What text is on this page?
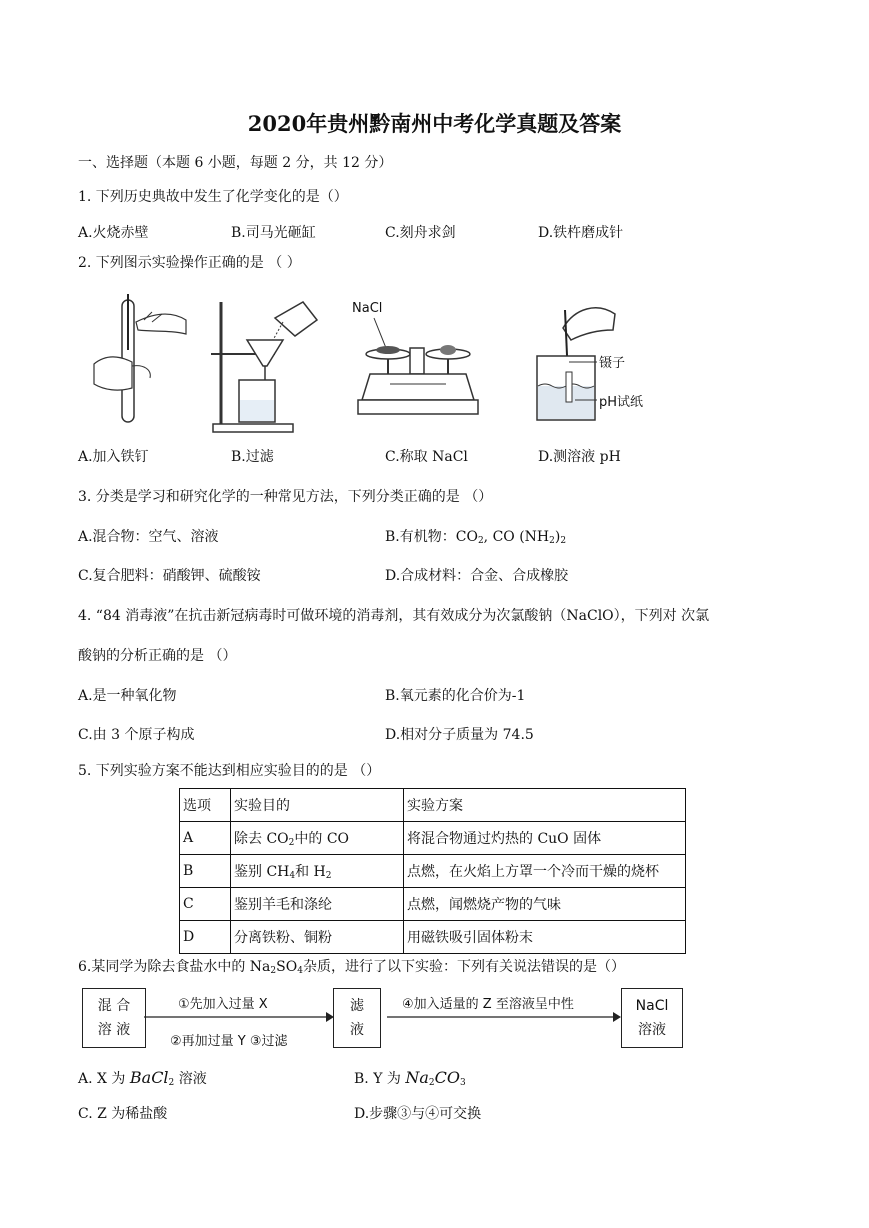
2020年贵州黔南州中考化学真题及答案
一、选择题（本题 6 小题，每题 2 分，共 12 分）
1. 下列历史典故中发生了化学变化的是（）
A.火烧赤壁	B.司马光砸缸	C.刻舟求剑	D.铁杵磨成针
2. 下列图示实验操作正确的是 （ ）
NaCl
镊子
pH试纸
A.加入铁钉	B.过滤	C.称取 NaCl	D.测溶液 pH
3. 分类是学习和研究化学的一种常见方法，下列分类正确的是 （）
A.混合物：空气、溶液	B.有机物：$CO_2$, CO $(NH_2)_2$
C.复合肥料：硝酸钾、硫酸铵	D.合成材料：合金、合成橡胶
4. “84 消毒液”在抗击新冠病毒时可做环境的消毒剂，其有效成分为次氯酸钠（NaClO），下列对 次氯
酸钠的分析正确的是 （）
A.是一种氧化物	B.氧元素的化合价为-1
C.由 3 个原子构成	D.相对分子质量为 74.5
5. 下列实验方案不能达到相应实验目的的是 （）
选项	实验目的	实验方案
A	除去 $CO_2$中的 CO	将混合物通过灼热的 CuO 固体
B	鉴别 $CH_4$和 $H_2$	点燃，在火焰上方罩一个冷而干燥的烧杯
C	鉴别羊毛和涤纶	点燃，闻燃烧产物的气味
D	分离铁粉、铜粉	用磁铁吸引固体粉末
6.某同学为除去食盐水中的 $Na_2SO_4$杂质，进行了以下实验：下列有关说法错误的是（）
混 合
溶 液
①先加入过量 X
②再加过量 Y ③过滤
滤
液
④加入适量的 Z 至溶液呈中性	NaCl
溶液
A. X 为 BaCl$_2$ 溶液	B. Y 为 $Na_2CO_3$
C. Z 为稀盐酸	D.步骤③与④可交换
